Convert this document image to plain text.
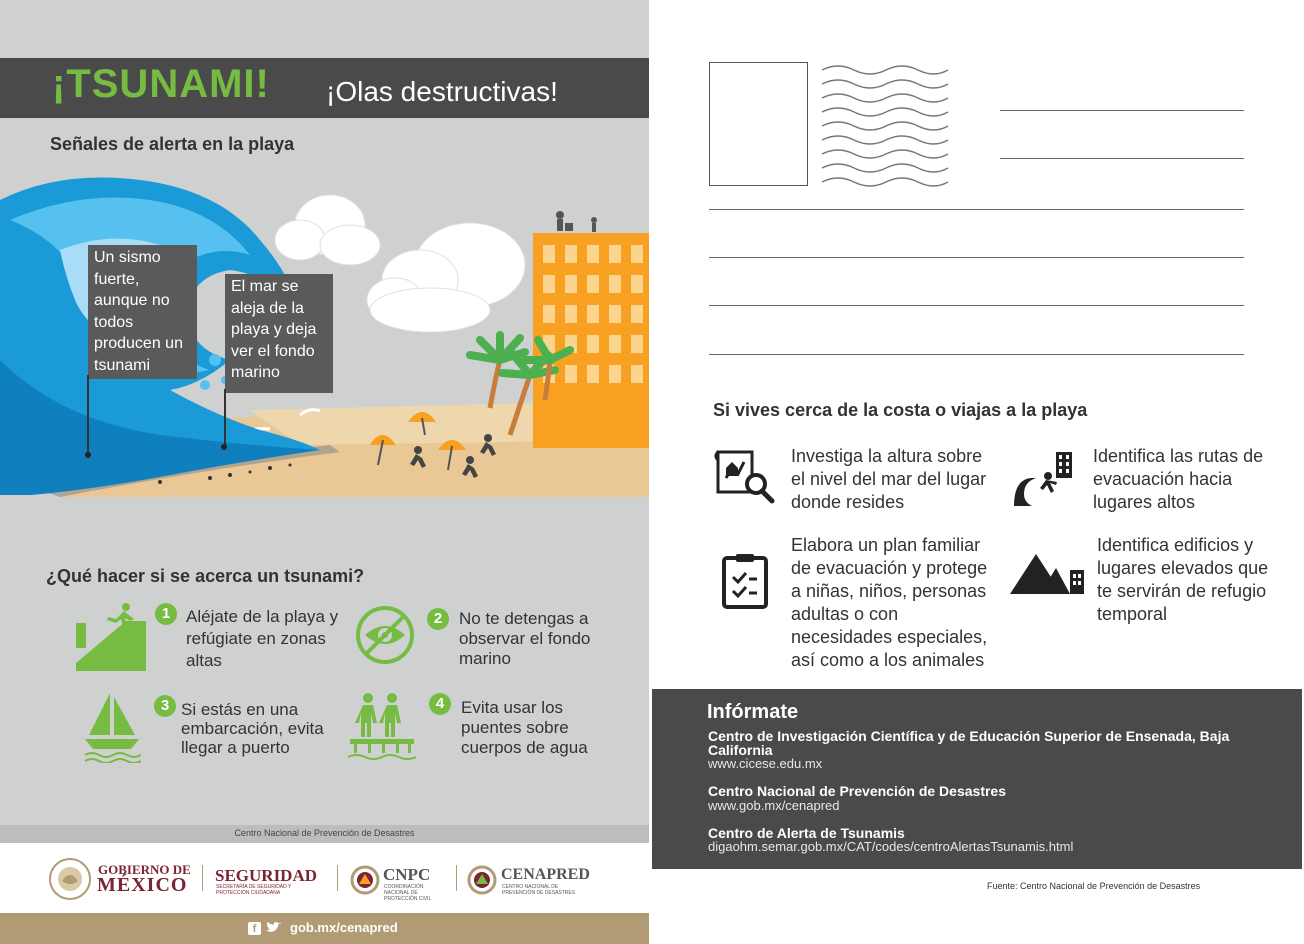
¡TSUNAMI! ¡Olas destructivas!
Señales de alerta en la playa
Un sismo fuerte, aunque no todos producen un tsunami
El mar se aleja de la playa y deja ver el fondo marino
¿Qué hacer si se acerca un tsunami?
1 Aléjate de la playa y refúgiate en zonas altas
2 No te detengas a observar el fondo marino
3 Si estás en una embarcación, evita llegar a puerto
4 Evita usar los puentes sobre cuerpos de agua
Centro Nacional de Prevención de Desastres
GOBIERNO DE
MÉXICO SEGURIDAD
SECRETARÍA DE SEGURIDAD Y PROTECCIÓN CIUDADANA
CNPC
COORDINACIÓN NACIONAL DE PROTECCIÓN CIVIL
CENAPRED
CENTRO NACIONAL DE PREVENCIÓN DE DESASTRES
f	gob.mx/cenapred
Si vives cerca de la costa o viajas a la playa
Investiga la altura sobre el nivel del mar del lugar donde resides
Identifica las rutas de evacuación hacia lugares altos
Elabora un plan familiar de evacuación y protege a niñas, niños, personas adultas o con necesidades especiales, así como a los animales
Identifica edificios y lugares elevados que te servirán de refugio temporal
Infórmate
Centro de Investigación Científica y de Educación Superior de Ensenada, Baja California
www.cicese.edu.mx
Centro Nacional de Prevención de Desastres
www.gob.mx/cenapred
Centro de Alerta de Tsunamis
digaohm.semar.gob.mx/CAT/codes/centroAlertasTsunamis.html
Fuente: Centro Nacional de Prevención de Desastres
